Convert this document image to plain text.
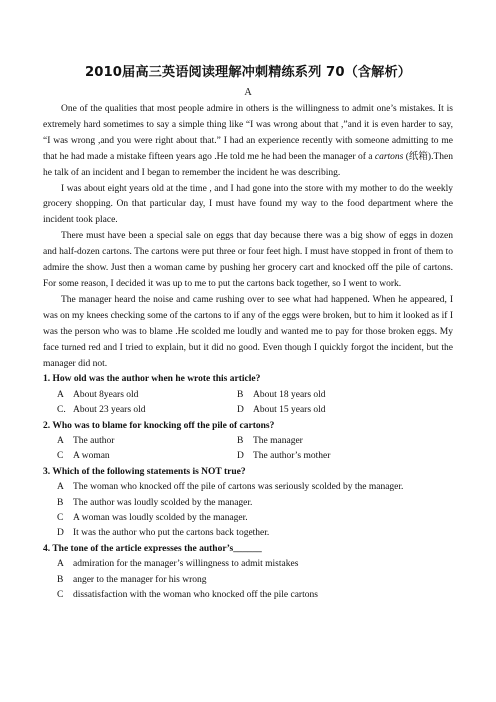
2010届高三英语阅读理解冲刺精练系列 70（含解析）
A

One of the qualities that most people admire in others is the willingness to admit one’s mistakes. It is extremely hard sometimes to say a simple thing like “I was wrong about that ,”and it is even harder to say, “I was wrong ,and you were right about that.” I had an experience recently with someone admitting to me that he had made a mistake fifteen years ago .He told me he had been the manager of a cartons (纸箱).Then he talk of an incident and I began to remember the incident he was describing.

I was about eight years old at the time , and I had gone into the store with my mother to do the weekly grocery shopping. On that particular day, I must have found my way to the food department where the incident took place.

There must have been a special sale on eggs that day because there was a big show of eggs in dozen and half-dozen cartons. The cartons were put three or four feet high. I must have stopped in front of them to admire the show. Just then a woman came by pushing her grocery cart and knocked off the pile of cartons. For some reason, I decided it was up to me to put the cartons back together, so I went to work.

The manager heard the noise and came rushing over to see what had happened. When he appeared, I was on my knees checking some of the cartons to if any of the eggs were broken, but to him it looked as if I was the person who was to blame .He scolded me loudly and wanted me to pay for those broken eggs. My face turned red and I tried to explain, but it did no good. Even though I quickly forgot the incident, but the manager did not.

1. How old was the author when he wrote this article?

A About 8years old	B	About 18 years old
C. About 23 years old	D About 15 years old

2. Who was to blame for knocking off the pile of cartons?

A The author	B	The manager
C	A woman	D The author’s mother

3. Which of the following statements is NOT true?

A The woman who knocked off the pile of cartons was seriously scolded by the manager.
B	The author was loudly scolded by the manager.
C	A woman was loudly scolded by the manager.
D It was the author who put the cartons back together.

4. The tone of the article expresses the author’s______

A admiration for the manager’s willingness to admit mistakes
B	anger to the manager for his wrong
C	dissatisfaction with the woman who knocked off the pile cartons
